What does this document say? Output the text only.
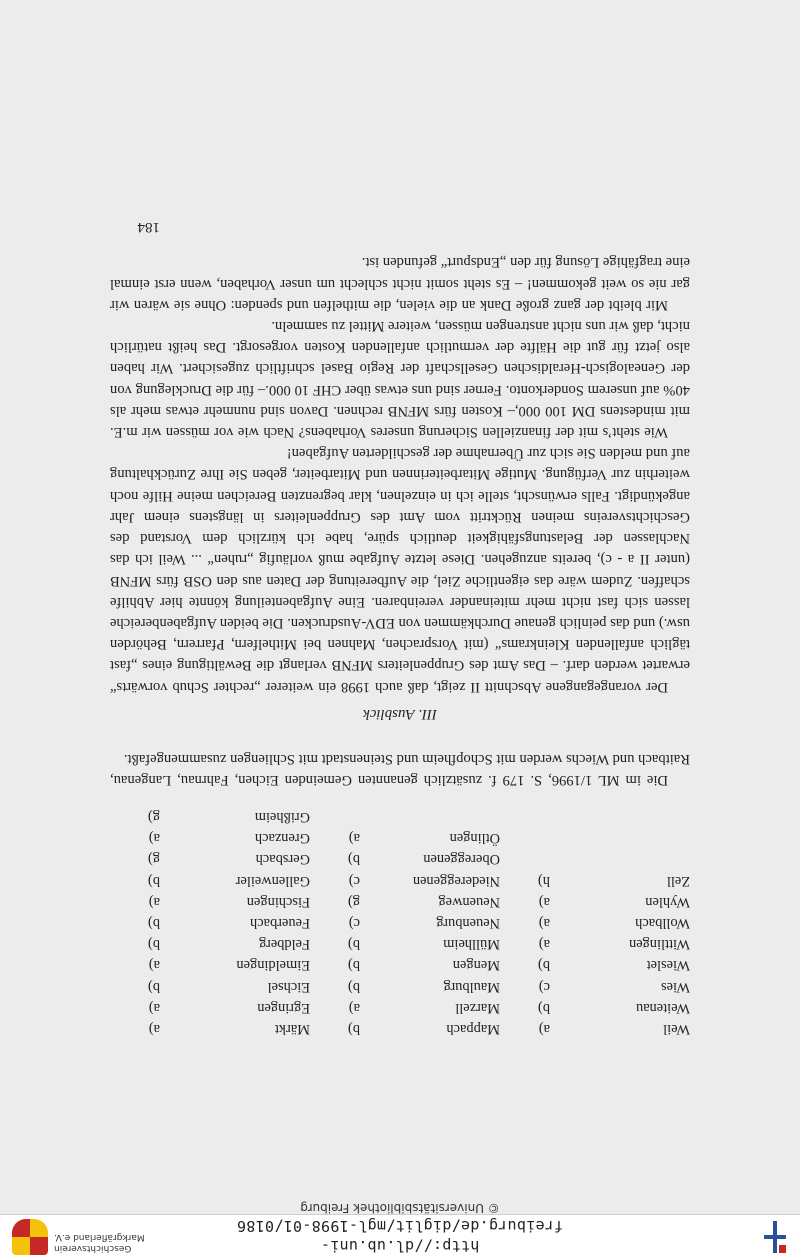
http://dl.ub.uni-freiburg.de/diglit/mgl-1998-01/0186
© Universitätsbibliothek Freiburg
Geschichtsverein
Markgräflerland e.V.
Weil	a)	Mappach	b)	Märkt	a)
Weitenau	b)	Marzell	a)	Egringen	a)
Wies	c)	Maulburg	b)	Eichsel	b)
Wieslet	b)	Mengen	b)	Eimeldingen	a)
Wittlingen	a)	Müllheim	b)	Feldberg	b)
Wollbach	a)	Neuenburg	c)	Feuerbach	b)
Wyhlen	a)	Neuenweg	g)	Fischingen	a)
Zell	h)	Niedereggenen	c)	Gallenweiler	b)
		Obereggenen	b)	Gersbach	g)
		Ötlingen	a)	Grenzach	a)
				Grißheim	g)

Die im ML 1/1996, S. 179 f. zusätzlich genannten Gemeinden Eichen, Fahrnau, Langenau, Raitbach und Wiechs werden mit Schopfheim und Steinenstadt mit Schliengen zusammengefaßt.

III. Ausblick

Der vorangegangene Abschnitt II zeigt, daß auch 1998 ein weiterer „rechter Schub vorwärts“ erwartet werden darf. – Das Amt des Gruppenleiters MFNB verlangt die Bewältigung eines „fast täglich anfallenden Kleinkrams“ (mit Vorsprachen, Mahnen bei Mithelfern, Pfarrern, Behörden usw.) und das peinlich genaue Durchkämmen von EDV-Ausdrucken. Die beiden Aufgabenbereiche lassen sich fast nicht mehr miteinander vereinbaren. Eine Aufgabenteilung könnte hier Abhilfe schaffen. Zudem wäre das eigentliche Ziel, die Aufbereitung der Daten aus den OSB fürs MFNB (unter II a - c), bereits anzugehen. Diese letzte Aufgabe muß vorläufig „ruhen“ ... Weil ich das Nachlassen der Belastungsfähigkeit deutlich spüre, habe ich kürzlich dem Vorstand des Geschichtsvereins meinen Rücktritt vom Amt des Gruppenleiters in längstens einem Jahr angekündigt. Falls erwünscht, stelle ich in einzelnen, klar begrenzten Bereichen meine Hilfe noch weiterhin zur Verfügung. Mutige Mitarbeiterinnen und Mitarbeiter, geben Sie Ihre Zurückhaltung auf und melden Sie sich zur Übernahme der geschilderten Aufgaben!

Wie steht’s mit der finanziellen Sicherung unseres Vorhabens? Nach wie vor müssen wir m.E. mit mindestens DM 100 000,– Kosten fürs MFNB rechnen. Davon sind nunmehr etwas mehr als 40% auf unserem Sonderkonto. Ferner sind uns etwas über CHF 10 000.– für die Drucklegung von der Genealogisch-Heraldischen Gesellschaft der Regio Basel schriftlich zugesichert. Wir haben also jetzt für gut die Hälfte der vermutlich anfallenden Kosten vorgesorgt. Das heißt natürlich nicht, daß wir uns nicht anstrengen müssen, weitere Mittel zu sammeln.

Mir bleibt der ganz große Dank an die vielen, die mithelfen und spenden: Ohne sie wären wir gar nie so weit gekommen! – Es steht somit nicht schlecht um unser Vorhaben, wenn erst einmal eine tragfähige Lösung für den „Endspurt“ gefunden ist.

184
